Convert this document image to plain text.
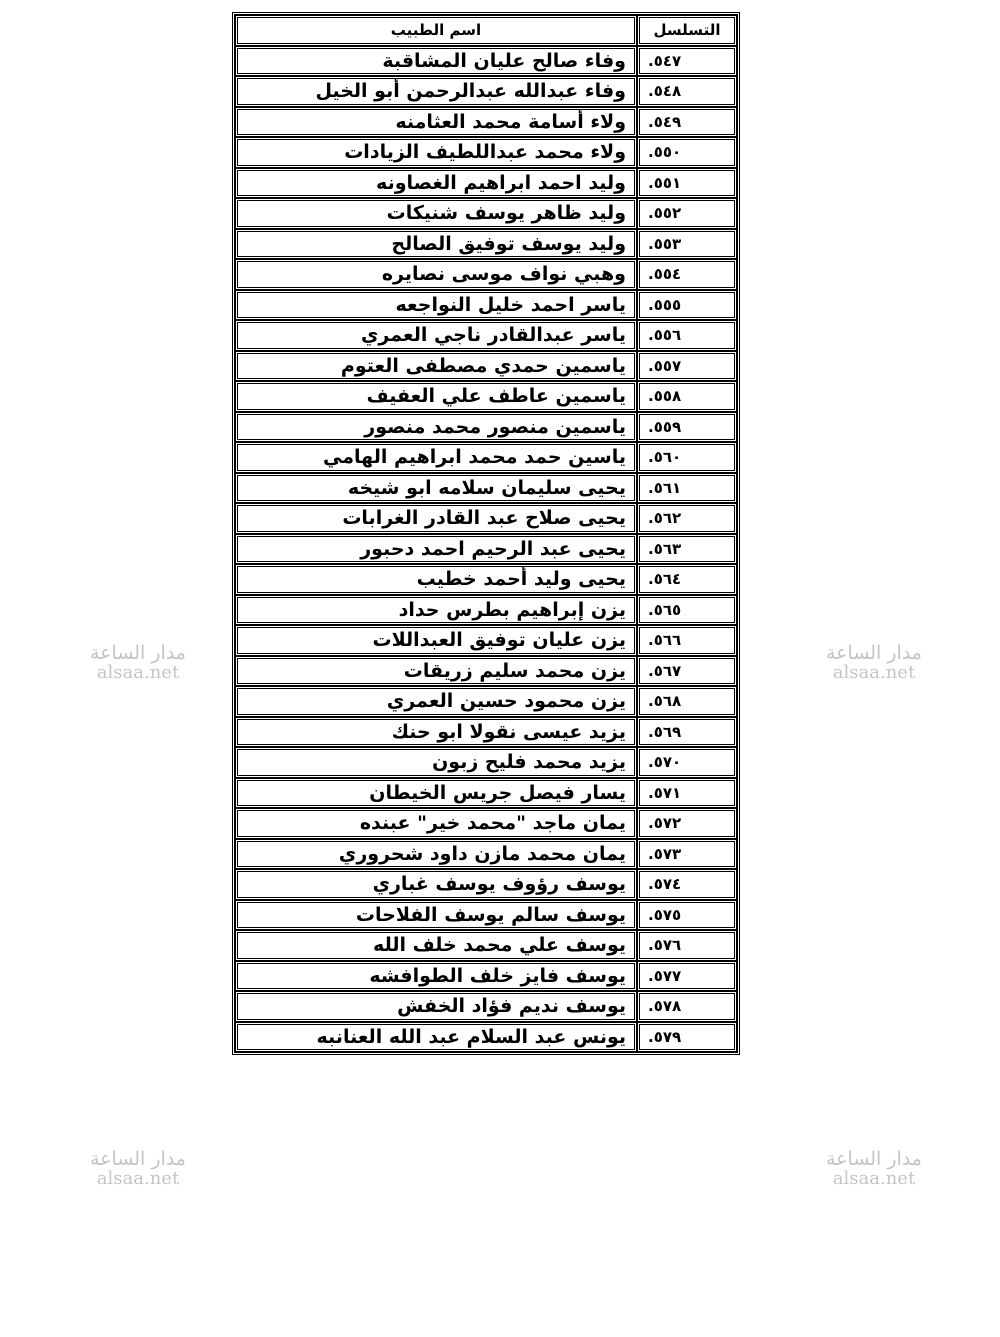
التسلسل	اسم الطبيب
٥٤٧.	وفاء صالح عليان المشاقبة
٥٤٨.	وفاء عبدالله عبدالرحمن أبو الخيل
٥٤٩.	ولاء أسامة محمد العثامنه
٥٥٠.	ولاء محمد عبداللطيف الزيادات
٥٥١.	وليد احمد ابراهيم الغصاونه
٥٥٢.	وليد ظاهر يوسف شنيكات
٥٥٣.	وليد يوسف توفيق الصالح
٥٥٤.	وهبي نواف موسى نصايره
٥٥٥.	ياسر احمد خليل النواجعه
٥٥٦.	ياسر عبدالقادر ناجي العمري
٥٥٧.	ياسمين حمدي مصطفى العتوم
٥٥٨.	ياسمين عاطف علي العفيف
٥٥٩.	ياسمين منصور محمد منصور
٥٦٠.	ياسين حمد محمد ابراهيم الهامي
٥٦١.	يحيى سليمان سلامه ابو شيخه
٥٦٢.	يحيى صلاح عبد القادر الغرابات
٥٦٣.	يحيى عبد الرحيم احمد دحبور
٥٦٤.	يحيى وليد أحمد خطيب
٥٦٥.	يزن إبراهيم بطرس حداد
٥٦٦.	يزن عليان توفيق العبداللات
٥٦٧.	يزن محمد سليم زريقات
٥٦٨.	يزن محمود حسين العمري
٥٦٩.	يزيد عيسى نقولا ابو حنك
٥٧٠.	يزيد محمد فليح زبون
٥٧١.	يسار فيصل جريس الخيطان
٥٧٢.	يمان ماجد "محمد خير" عبنده
٥٧٣.	يمان محمد مازن داود شحروري
٥٧٤.	يوسف رؤوف يوسف غباري
٥٧٥.	يوسف سالم يوسف الفلاحات
٥٧٦.	يوسف علي محمد خلف الله
٥٧٧.	يوسف فايز خلف الطوافشه
٥٧٨.	يوسف نديم فؤاد الخفش
٥٧٩.	يونس عبد السلام عبد الله العنانبه
مدار الساعة
alsaa.net
مدار الساعة
alsaa.net
مدار الساعة
alsaa.net
مدار الساعة
alsaa.net
